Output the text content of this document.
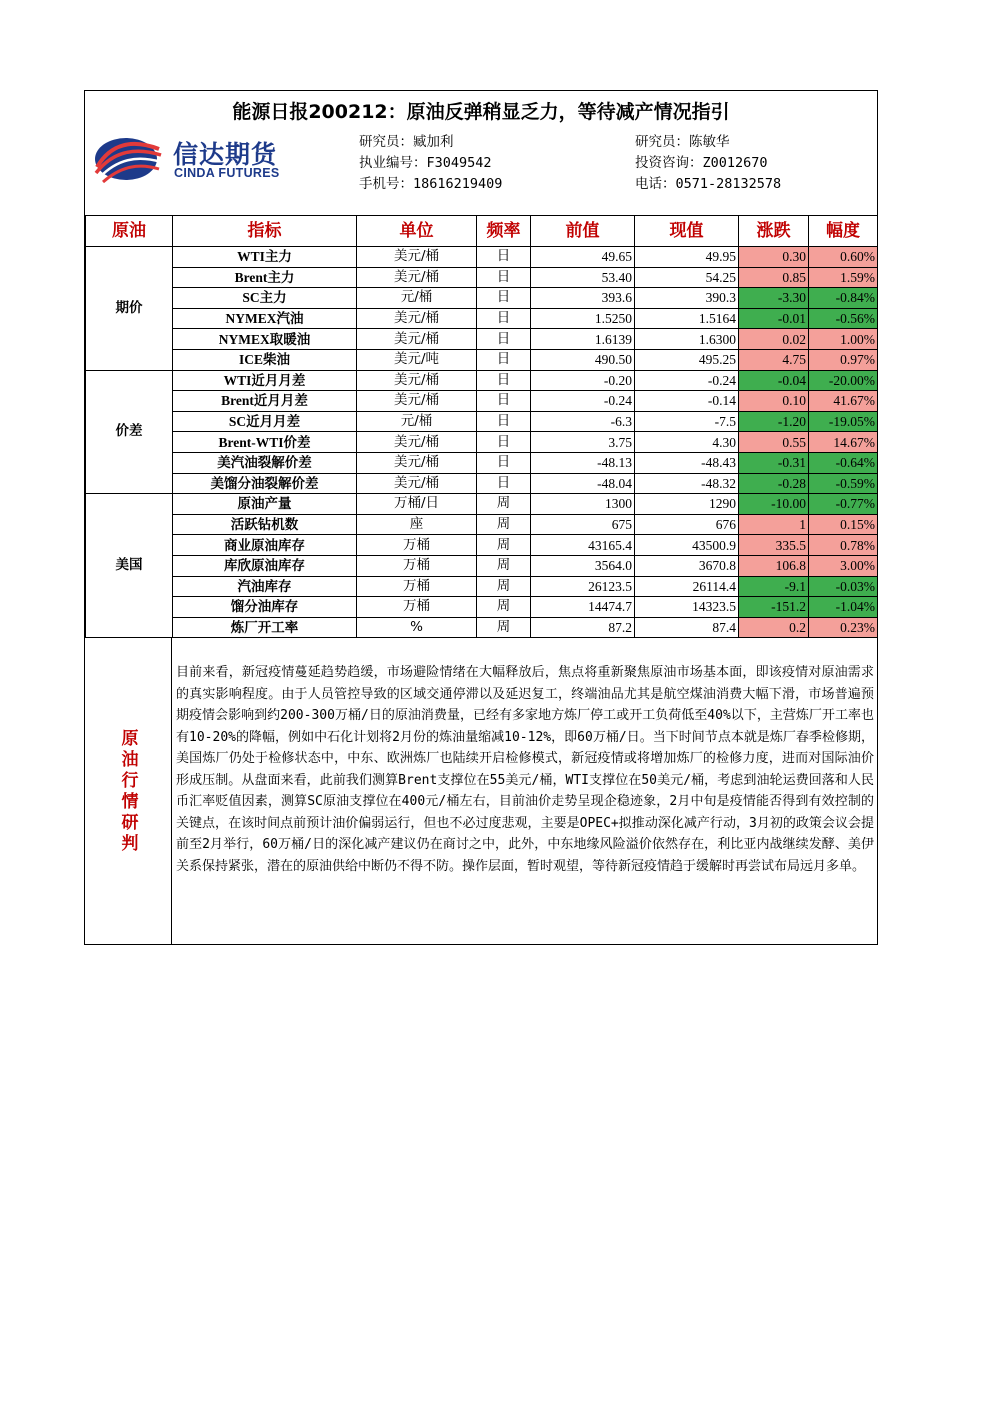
能源日报200212：原油反弹稍显乏力，等待减产情况指引
信达期货
CINDA FUTURES
研究员：臧加利
执业编号：F3049542
手机号：18616219409
研究员：陈敏华
投资咨询：Z0012670
电话：0571-28132578
原油	指标	单位	频率	前值	现值	涨跌	幅度
期价	WTI主力	美元/桶	日	49.65	49.95	0.30	0.60%
	Brent主力	美元/桶	日	53.40	54.25	0.85	1.59%
	SC主力	元/桶	日	393.6	390.3	-3.30	-0.84%
	NYMEX汽油	美元/桶	日	1.5250	1.5164	-0.01	-0.56%
	NYMEX取暖油	美元/桶	日	1.6139	1.6300	0.02	1.00%
	ICE柴油	美元/吨	日	490.50	495.25	4.75	0.97%
价差	WTI近月月差	美元/桶	日	-0.20	-0.24	-0.04	-20.00%
	Brent近月月差	美元/桶	日	-0.24	-0.14	0.10	41.67%
	SC近月月差	元/桶	日	-6.3	-7.5	-1.20	-19.05%
	Brent-WTI价差	美元/桶	日	3.75	4.30	0.55	14.67%
	美汽油裂解价差	美元/桶	日	-48.13	-48.43	-0.31	-0.64%
	美馏分油裂解价差	美元/桶	日	-48.04	-48.32	-0.28	-0.59%
美国	原油产量	万桶/日	周	1300	1290	-10.00	-0.77%
	活跃钻机数	座	周	675	676	1	0.15%
	商业原油库存	万桶	周	43165.4	43500.9	335.5	0.78%
	库欣原油库存	万桶	周	3564.0	3670.8	106.8	3.00%
	汽油库存	万桶	周	26123.5	26114.4	-9.1	-0.03%
	馏分油库存	万桶	周	14474.7	14323.5	-151.2	-1.04%
	炼厂开工率	%	周	87.2	87.4	0.2	0.23%
原油行情研判
目前来看，新冠疫情蔓延趋势趋缓，市场避险情绪在大幅释放后，焦点将重新聚焦原油市场基本面，即该疫情对原油需求的真实影响程度。由于人员管控导致的区域交通停滞以及延迟复工，终端油品尤其是航空煤油消费大幅下滑，市场普遍预期疫情会影响到约200-300万桶/日的原油消费量，已经有多家地方炼厂停工或开工负荷低至40%以下，主营炼厂开工率也有10-20%的降幅，例如中石化计划将2月份的炼油量缩减10-12%，即60万桶/日。当下时间节点本就是炼厂春季检修期，美国炼厂仍处于检修状态中，中东、欧洲炼厂也陆续开启检修模式，新冠疫情或将增加炼厂的检修力度，进而对国际油价形成压制。从盘面来看，此前我们测算Brent支撑位在55美元/桶，WTI支撑位在50美元/桶，考虑到油轮运费回落和人民币汇率贬值因素，测算SC原油支撑位在400元/桶左右，目前油价走势呈现企稳迹象，2月中旬是疫情能否得到有效控制的关键点，在该时间点前预计油价偏弱运行，但也不必过度悲观，主要是OPEC+拟推动深化减产行动，3月初的政策会议会提前至2月举行，60万桶/日的深化减产建议仍在商讨之中，此外，中东地缘风险溢价依然存在，利比亚内战继续发酵、美伊关系保持紧张，潜在的原油供给中断仍不得不防。操作层面，暂时观望，等待新冠疫情趋于缓解时再尝试布局远月多单。
